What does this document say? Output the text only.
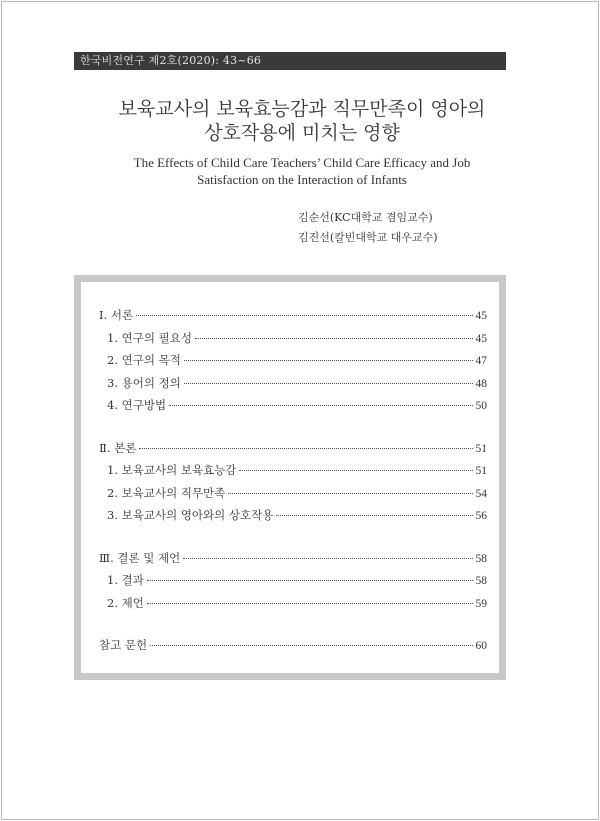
한국비전연구 제2호(2020): 43~66
보육교사의 보육효능감과 직무만족이 영아의
상호작용에 미치는 영향
The Effects of Child Care Teachers’ Child Care Efficacy and Job
Satisfaction on the Interaction of Infants
김순선(KC대학교 겸임교수)
김진선(칼빈대학교 대우교수)
Ⅰ. 서론	45
1. 연구의 필요성	45
2. 연구의 목적	47
3. 용어의 정의	48
4. 연구방법	50
Ⅱ. 본론	51
1. 보육교사의 보육효능감	51
2. 보육교사의 직무만족	54
3. 보육교사의 영아와의 상호작용	56
Ⅲ. 결론 및 제언	58
1. 결과	58
2. 제언	59
참고 문헌	60
